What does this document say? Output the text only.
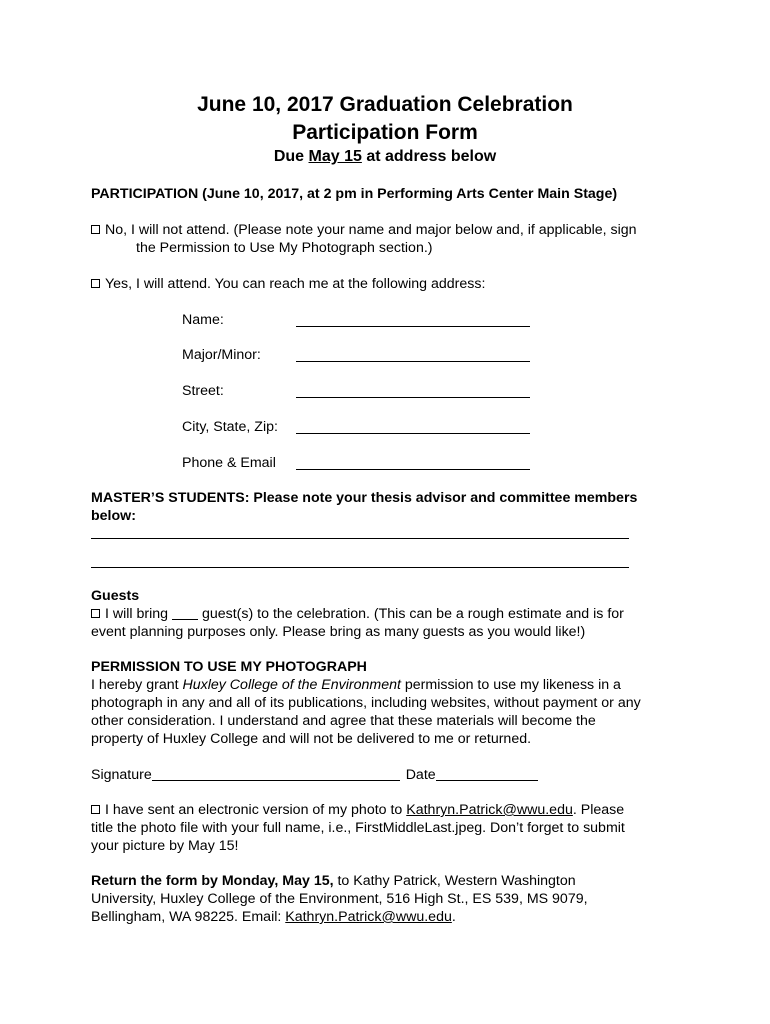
June 10, 2017 Graduation Celebration
Participation Form
Due May 15 at address below
PARTICIPATION (June 10, 2017, at 2 pm in Performing Arts Center Main Stage)
No, I will not attend. (Please note your name and major below and, if applicable, sign
the Permission to Use My Photograph section.)
Yes, I will attend. You can reach me at the following address:
Name:
Major/Minor:
Street:
City, State, Zip:
Phone & Email
MASTER’S STUDENTS: Please note your thesis advisor and committee members
below:
Guests
I will bring  guest(s) to the celebration. (This can be a rough estimate and is for
event planning purposes only. Please bring as many guests as you would like!)
PERMISSION TO USE MY PHOTOGRAPH
I hereby grant Huxley College of the Environment permission to use my likeness in a
photograph in any and all of its publications, including websites, without payment or any
other consideration. I understand and agree that these materials will become the
property of Huxley College and will not be delivered to me or returned.
Signature	Date
I have sent an electronic version of my photo to Kathryn.Patrick@wwu.edu. Please
title the photo file with your full name, i.e., FirstMiddleLast.jpeg. Don’t forget to submit
your picture by May 15!
Return the form by Monday, May 15, to Kathy Patrick, Western Washington
University, Huxley College of the Environment, 516 High St., ES 539, MS 9079,
Bellingham, WA 98225. Email: Kathryn.Patrick@wwu.edu.
